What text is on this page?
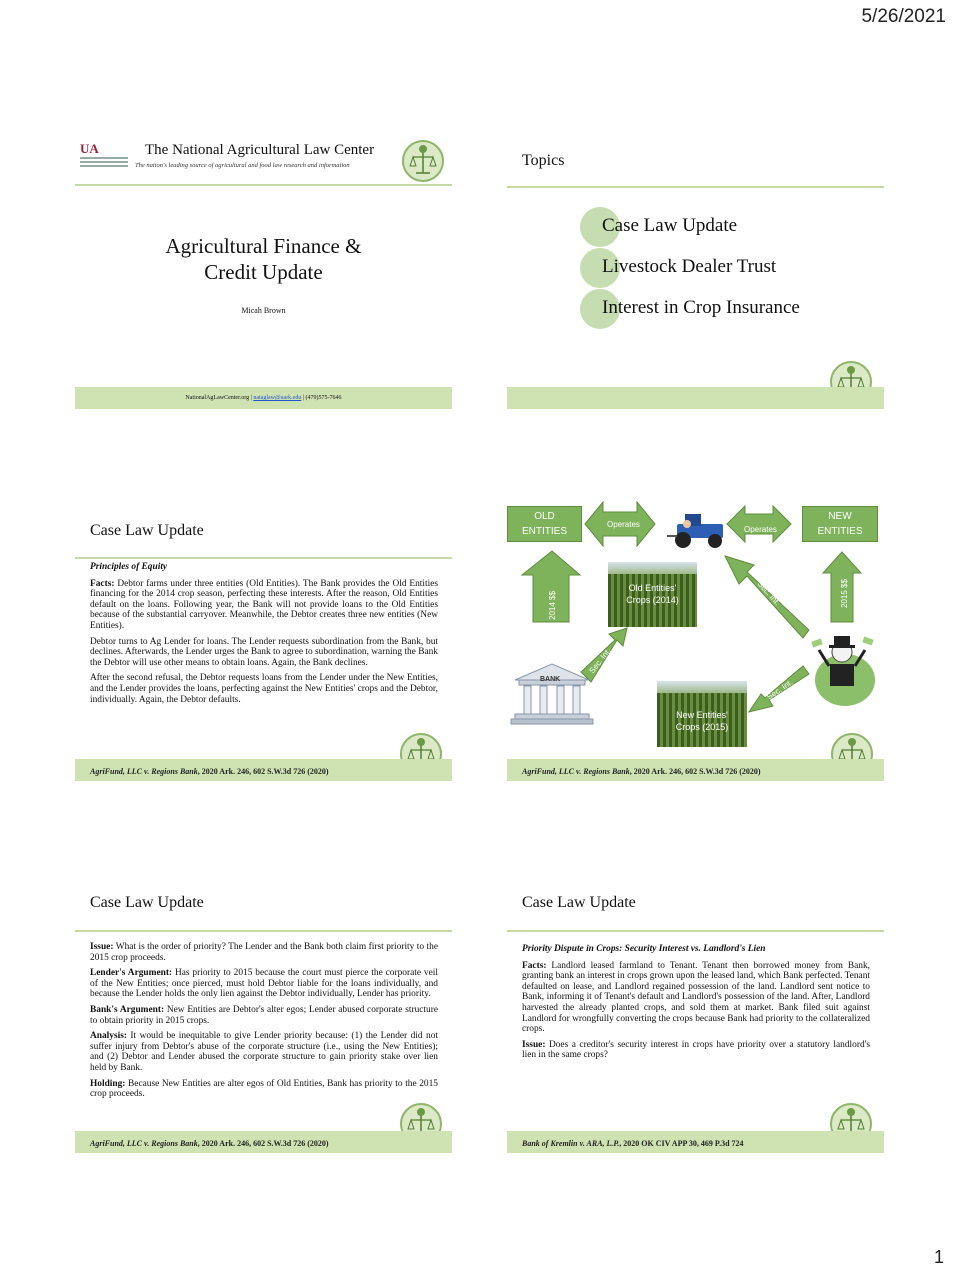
5/26/2021
UA	The National Agricultural Law Center
The nation's leading source of agricultural and food law research and information
Agricultural Finance &
Credit Update
Micah Brown
NationalAgLawCenter.org | nataglaw@uark.edu | (479)575-7646
Topics
Case Law Update
Livestock Dealer Trust
Interest in Crop Insurance
Case Law Update
Principles of Equity

Facts: Debtor farms under three entities (Old Entities). The Bank provides the Old Entities financing for the 2014 crop season, perfecting these interests. After the reason, Old Entities default on the loans. Following year, the Bank will not provide loans to the Old Entities because of the substantial carryover. Meanwhile, the Debtor creates three new entities (New Entities).

Debtor turns to Ag Lender for loans. The Lender requests subordination from the Bank, but declines. Afterwards, the Lender urges the Bank to agree to subordination, warning the Bank the Debtor will use other means to obtain loans. Again, the Bank declines.

After the second refusal, the Debtor requests loans from the Lender under the New Entities, and the Lender provides the loans, perfecting against the New Entities' crops and the Debtor, individually. Again, the Debtor defaults.

AgriFund, LLC v. Regions Bank, 2020 Ark. 246, 602 S.W.3d 726 (2020)
OLD
ENTITIES
NEW
ENTITIES
Operates
Operates
2014 $$	2015 $$
Sec. Int.
Sec. Int.
Sec. Int.
BANK
Old Entities'
Crops (2014)
New Entities'
Crops (2015)
AgriFund, LLC v. Regions Bank, 2020 Ark. 246, 602 S.W.3d 726 (2020)
Case Law Update

Issue: What is the order of priority? The Lender and the Bank both claim first priority to the 2015 crop proceeds.

Lender's Argument: Has priority to 2015 because the court must pierce the corporate veil of the New Entities; once pierced, must hold Debtor liable for the loans individually, and because the Lender holds the only lien against the Debtor individually, Lender has priority.

Bank's Argument: New Entities are Debtor's alter egos; Lender abused corporate structure to obtain priority in 2015 crops.

Analysis: It would be inequitable to give Lender priority because: (1) the Lender did not suffer injury from Debtor's abuse of the corporate structure (i.e., using the New Entities); and (2) Debtor and Lender abused the corporate structure to gain priority stake over lien held by Bank.

Holding: Because New Entities are alter egos of Old Entities, Bank has priority to the 2015 crop proceeds.

AgriFund, LLC v. Regions Bank, 2020 Ark. 246, 602 S.W.3d 726 (2020)
Case Law Update
Priority Dispute in Crops: Security Interest vs. Landlord's Lien

Facts: Landlord leased farmland to Tenant. Tenant then borrowed money from Bank, granting bank an interest in crops grown upon the leased land, which Bank perfected. Tenant defaulted on lease, and Landlord regained possession of the land. Landlord sent notice to Bank, informing it of Tenant's default and Landlord's possession of the land. After, Landlord harvested the already planted crops, and sold them at market. Bank filed suit against Landlord for wrongfully converting the crops because Bank had priority to the collateralized crops.

Issue: Does a creditor's security interest in crops have priority over a statutory landlord's lien in the same crops?

Bank of Kremlin v. ARA, L.P., 2020 OK CIV APP 30, 469 P.3d 724
1
